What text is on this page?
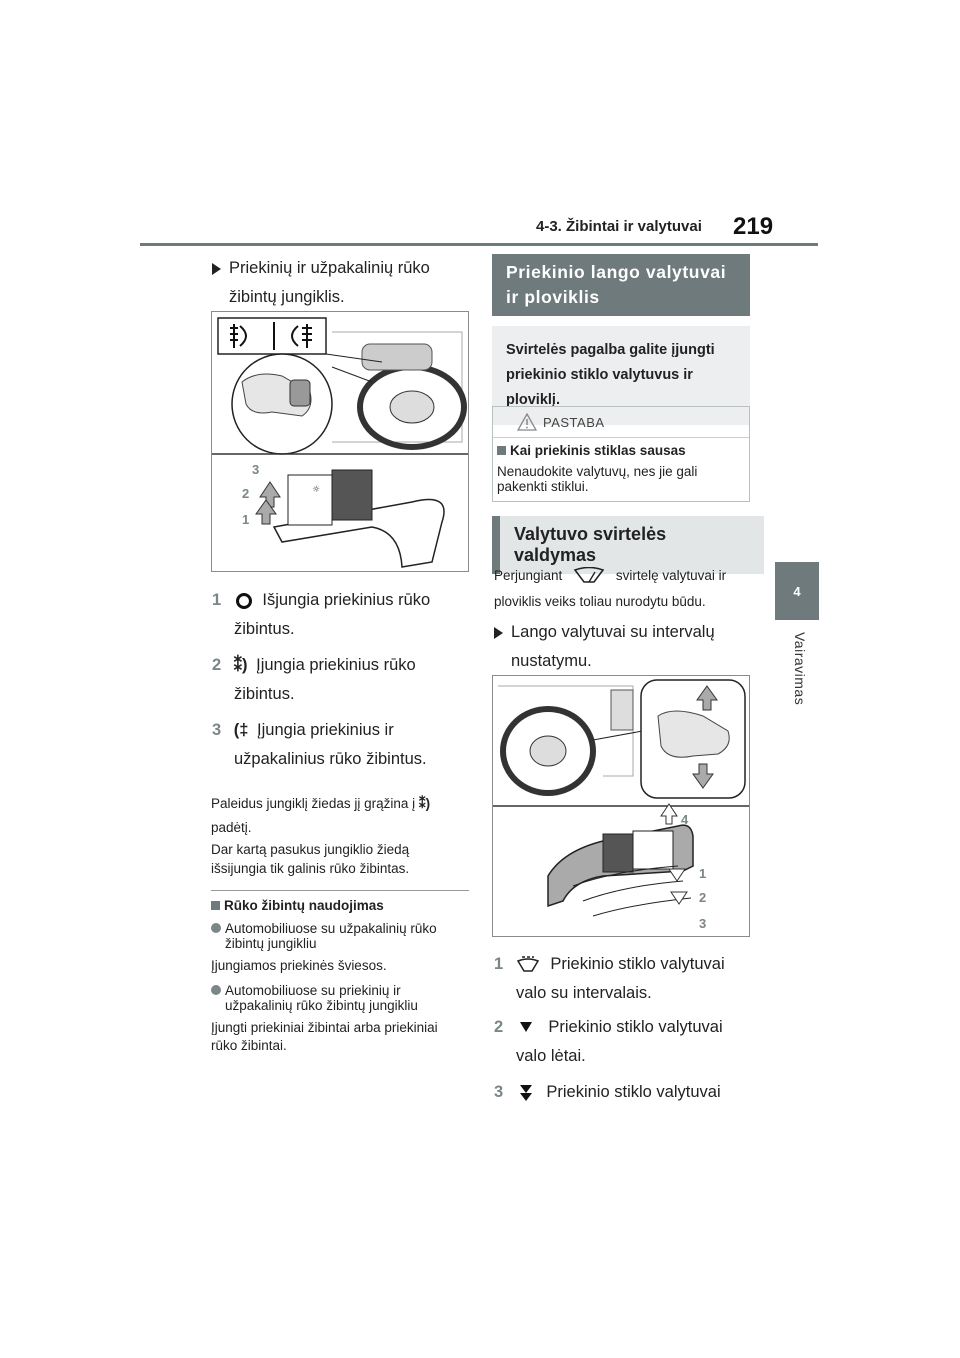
4-3. Žibintai ir valytuvai 219
4
Vairavimas
Priekinių ir užpakalinių rūko
žibintų jungiklis.
☼
3
2
1
1 Išjungia priekinius rūko
žibintus.
2 ⁑) Įjungia priekinius rūko
žibintus.
3 (‡ Įjungia priekinius ir
užpakalinius rūko žibintus.
Paleidus jungiklį žiedas jį grąžina į ⁑)
padėtį.
Dar kartą pasukus jungiklio žiedą
išsijungia tik galinis rūko žibintas.
Rūko žibintų naudojimas
Automobiliuose su užpakalinių rūko
žibintų jungikliu
Įjungiamos priekinės šviesos.
Automobiliuose su priekinių ir
užpakalinių rūko žibintų jungikliu
Įjungti priekiniai žibintai arba priekiniai
rūko žibintai.
Priekinio lango valytuvai
ir ploviklis
Svirtelės pagalba galite įjungti
priekinio stiklo valytuvus ir
ploviklį.
PASTABA
Kai priekinis stiklas sausas
Nenaudokite valytuvų, nes jie gali
pakenkti stiklui.
Valytuvo svirtelės valdymas
Perjungiant	svirtelę valytuvai ir
ploviklis veiks toliau nurodytu būdu.
Lango valytuvai su intervalų
nustatymu.
4
1
2
3
1	Priekinio stiklo valytuvai
valo su intervalais.
2	Priekinio stiklo valytuvai
valo lėtai.
3	Priekinio stiklo valytuvai
